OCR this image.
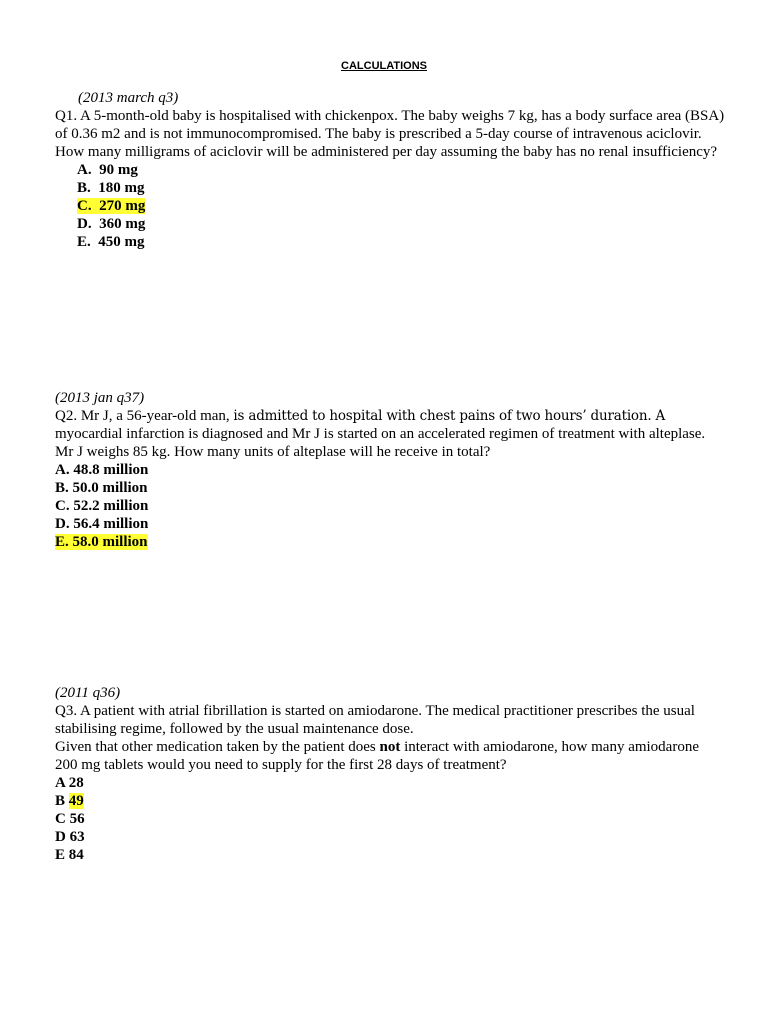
CALCULATIONS
(2013 march q3)

Q1. A 5-month-old baby is hospitalised with chickenpox. The baby weighs 7 kg, has a body surface area (BSA) of 0.36 m2 and is not immunocompromised. The baby is prescribed a 5-day course of intravenous aciclovir. How many milligrams of aciclovir will be administered per day assuming the baby has no renal insufficiency?

A. 90 mg
B. 180 mg
C. 270 mg
D. 360 mg
E. 450 mg
(2013 jan q37)

Q2. Mr J, a 56-year-old man, is admitted to hospital with chest pains of two hours’ duration. A myocardial infarction is diagnosed and Mr J is started on an accelerated regimen of treatment with alteplase. Mr J weighs 85 kg. How many units of alteplase will he receive in total?

A. 48.8 million
B. 50.0 million
C. 52.2 million
D. 56.4 million
E. 58.0 million
(2011 q36)

Q3. A patient with atrial fibrillation is started on amiodarone. The medical practitioner prescribes the usual stabilising regime, followed by the usual maintenance dose.

Given that other medication taken by the patient does not interact with amiodarone, how many amiodarone 200 mg tablets would you need to supply for the first 28 days of treatment?

A 28
B 49
C 56
D 63
E 84
